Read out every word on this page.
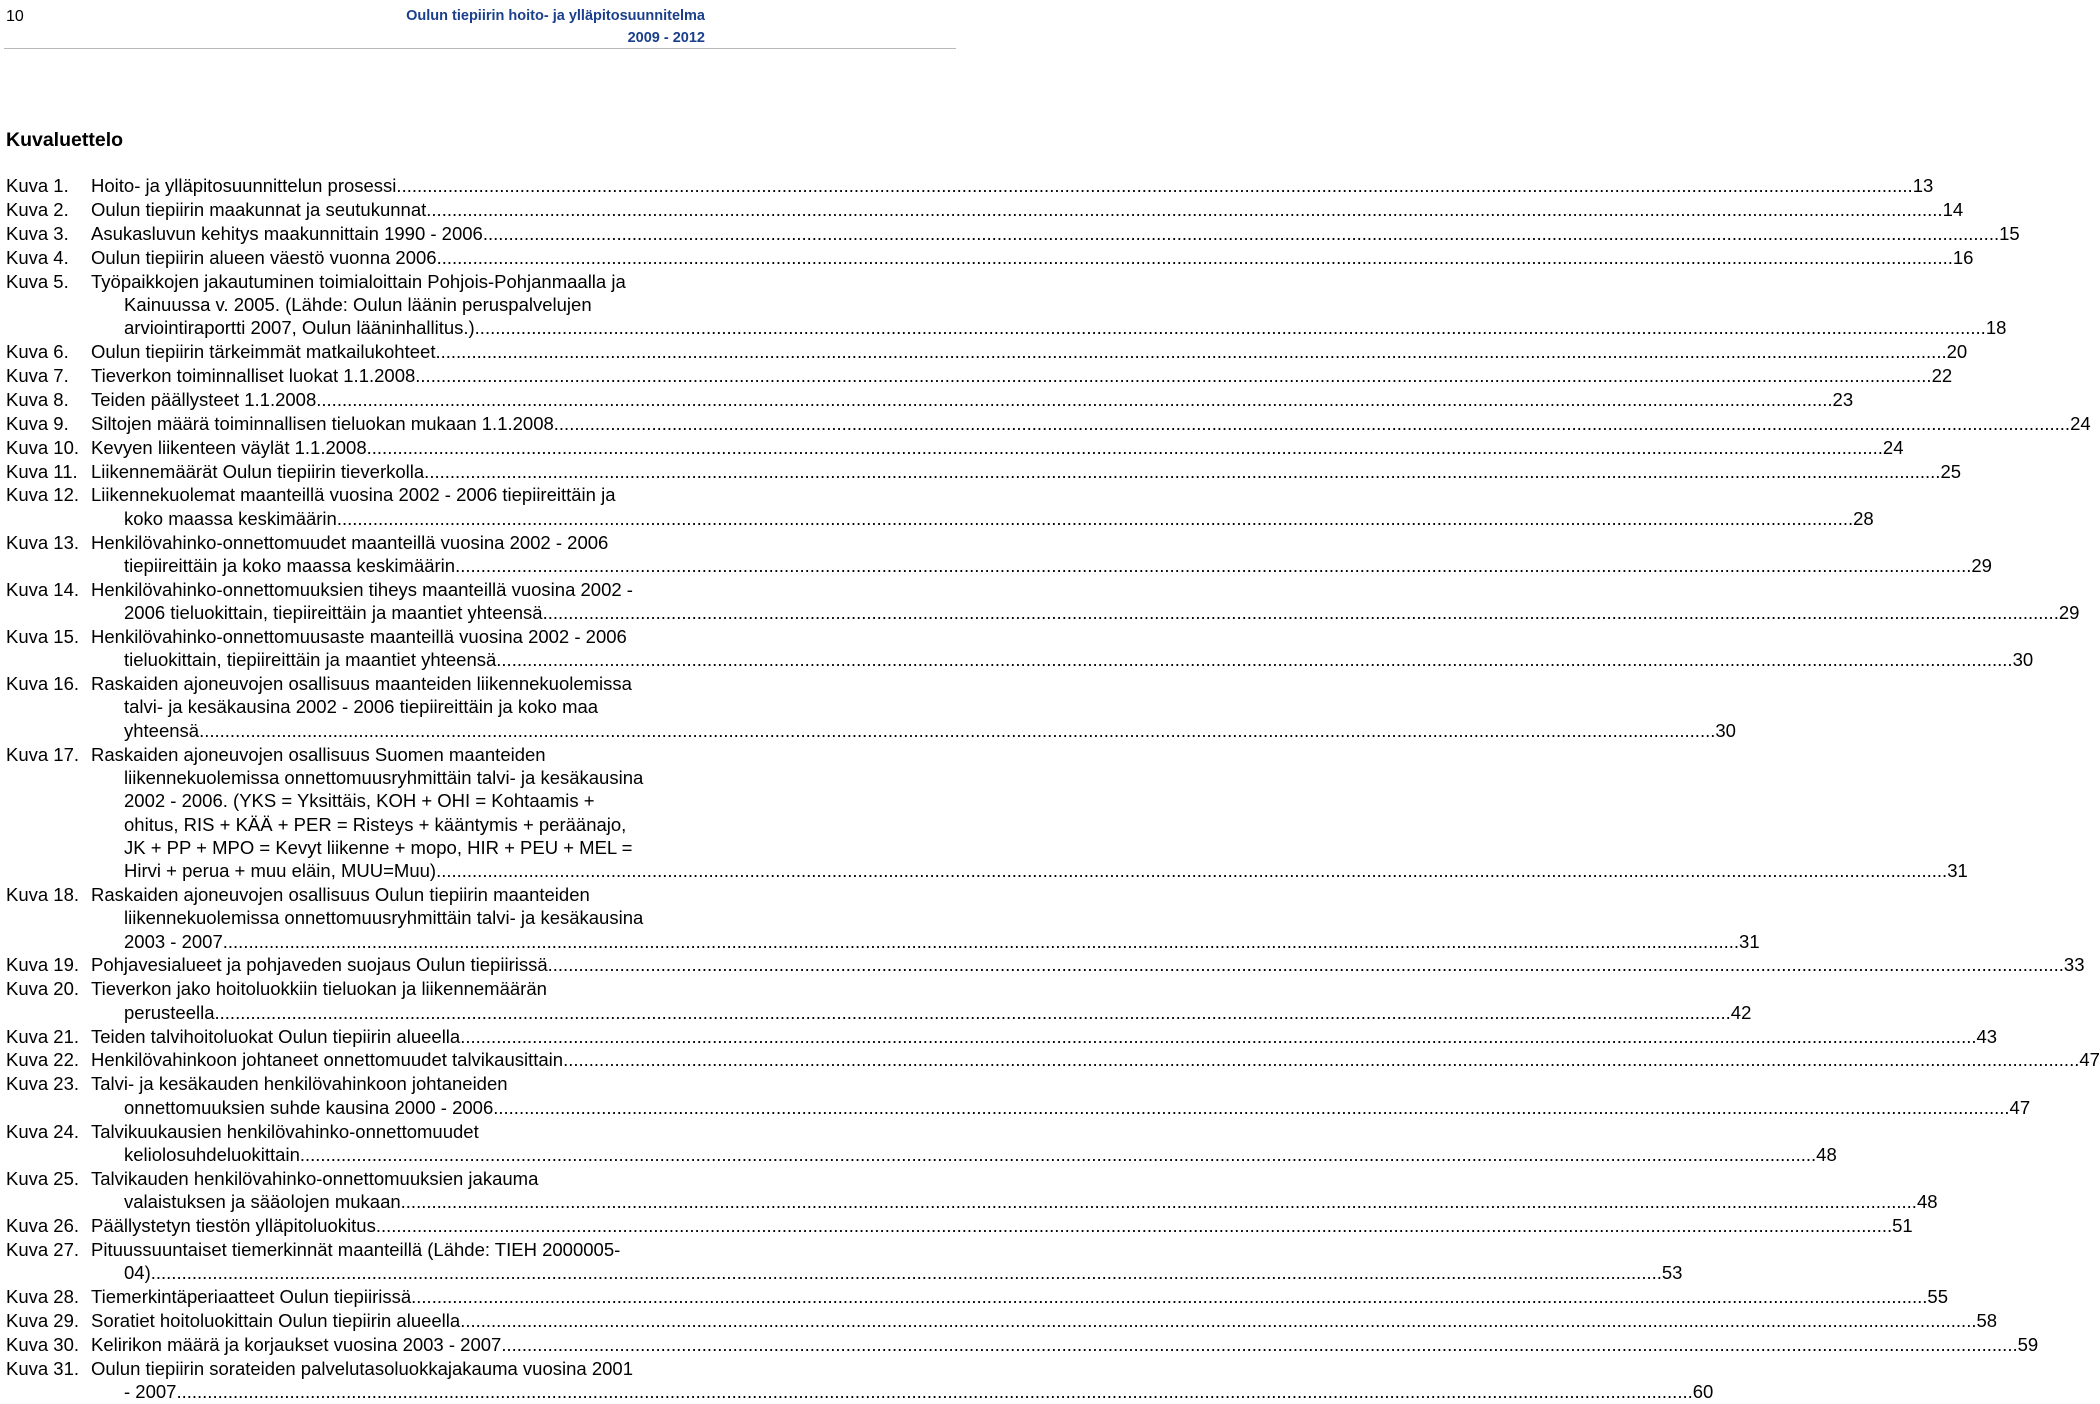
10	Oulun tiepiirin hoito- ja ylläpitosuunnitelma
2009 - 2012
Kuvaluettelo
Kuva 1.	Hoito- ja ylläpitosuunnittelun prosessi. .....	13
Kuva 2.	Oulun tiepiirin maakunnat ja seutukunnat. .....	14
Kuva 3.	Asukasluvun kehitys maakunnittain 1990 - 2006. .....	15
Kuva 4.	Oulun tiepiirin alueen väestö vuonna 2006. .....	16
Kuva 5.	Työpaikkojen jakautuminen toimialoittain Pohjois-Pohjanmaalla ja
Kainuussa v. 2005. (Lähde: Oulun läänin peruspalvelujen
arviointiraportti 2007, Oulun lääninhallitus.) .....	18
Kuva 6.	Oulun tiepiirin tärkeimmät matkailukohteet .....	20
Kuva 7.	Tieverkon toiminnalliset luokat 1.1.2008. .....	22
Kuva 8.	Teiden päällysteet 1.1.2008. .....	23
Kuva 9.	Siltojen määrä toiminnallisen tieluokan mukaan 1.1.2008. .....	24
Kuva 10. Kevyen liikenteen väylät 1.1.2008. .....	24
Kuva 11. Liikennemäärät Oulun tiepiirin tieverkolla. .....	25
Kuva 12. Liikennekuolemat maanteillä vuosina 2002 - 2006 tiepiireittäin ja
koko maassa keskimäärin. .....	28
Kuva 13. Henkilövahinko-onnettomuudet maanteillä vuosina 2002 - 2006
tiepiireittäin ja koko maassa keskimäärin. .....	29
Kuva 14. Henkilövahinko-onnettomuuksien tiheys maanteillä vuosina 2002 -
2006 tieluokittain, tiepiireittäin ja maantiet yhteensä. .....	29
Kuva 15. Henkilövahinko-onnettomuusaste maanteillä vuosina 2002 - 2006
tieluokittain, tiepiireittäin ja maantiet yhteensä. .....	30
Kuva 16. Raskaiden ajoneuvojen osallisuus maanteiden liikennekuolemissa
talvi- ja kesäkausina 2002 - 2006 tiepiireittäin ja koko maa
yhteensä. .....	30
Kuva 17. Raskaiden ajoneuvojen osallisuus Suomen maanteiden
liikennekuolemissa onnettomuusryhmittäin talvi- ja kesäkausina
2002 - 2006. (YKS = Yksittäis, KOH + OHI = Kohtaamis +
ohitus, RIS + KÄÄ + PER = Risteys + kääntymis + peräänajo,
JK + PP + MPO = Kevyt liikenne + mopo, HIR + PEU + MEL =
Hirvi + perua + muu eläin, MUU=Muu) .....	31
Kuva 18. Raskaiden ajoneuvojen osallisuus Oulun tiepiirin maanteiden
liikennekuolemissa onnettomuusryhmittäin talvi- ja kesäkausina
2003 - 2007. .....	31
Kuva 19. Pohjavesialueet ja pohjaveden suojaus Oulun tiepiirissä. .....	33
Kuva 20. Tieverkon jako hoitoluokkiin tieluokan ja liikennemäärän
perusteella. .....	42
Kuva 21. Teiden talvihoitoluokat Oulun tiepiirin alueella. .....	43
Kuva 22. Henkilövahinkoon johtaneet onnettomuudet talvikausittain. .....	47
Kuva 23. Talvi- ja kesäkauden henkilövahinkoon johtaneiden
onnettomuuksien suhde kausina 2000 - 2006. .....	47
Kuva 24. Talvikuukausien henkilövahinko-onnettomuudet
keliolosuhdeluokittain. .....	48
Kuva 25. Talvikauden henkilövahinko-onnettomuuksien jakauma
valaistuksen ja sääolojen mukaan. .....	48
Kuva 26. Päällystetyn tiestön ylläpitoluokitus. .....	51
Kuva 27. Pituussuuntaiset tiemerkinnät maanteillä (Lähde: TIEH 2000005-
04) .....	53
Kuva 28. Tiemerkintäperiaatteet Oulun tiepiirissä. .....	55
Kuva 29. Soratiet hoitoluokittain Oulun tiepiirin alueella. .....	58
Kuva 30. Kelirikon määrä ja korjaukset vuosina 2003 - 2007. .....	59
Kuva 31. Oulun tiepiirin sorateiden palvelutasoluokkajakauma vuosina 2001
- 2007. .....	60
